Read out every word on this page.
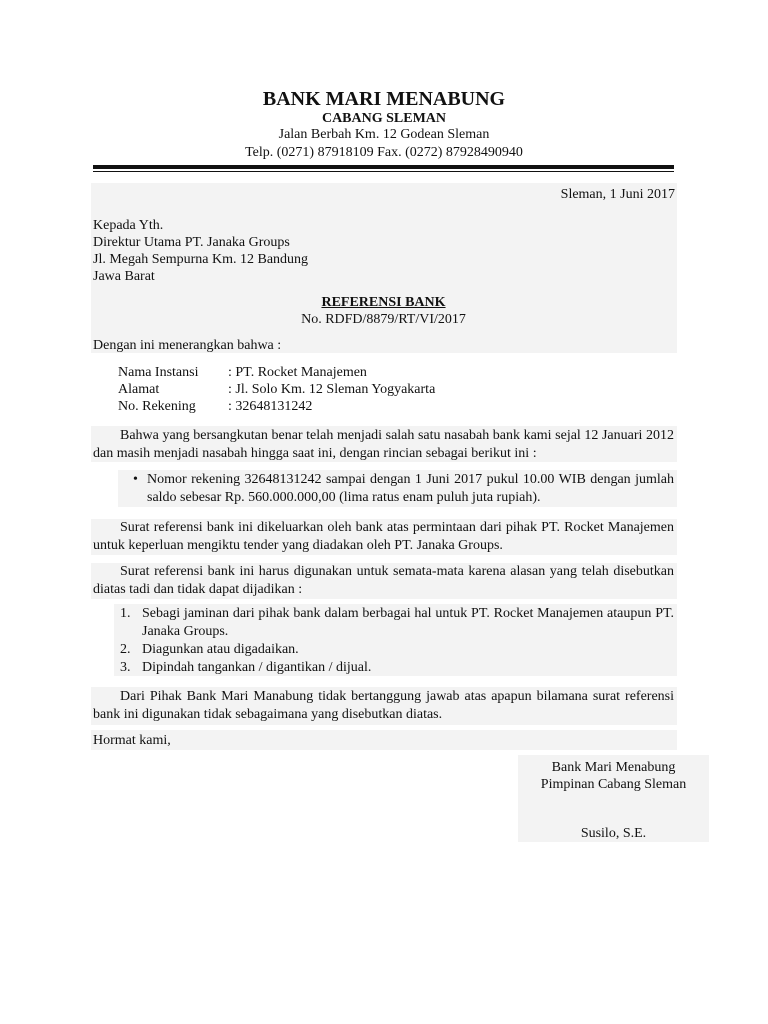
BANK MARI MENABUNG
CABANG SLEMAN
Jalan Berbah Km. 12 Godean Sleman
Telp. (0271) 87918109 Fax. (0272) 87928490940
Sleman, 1 Juni 2017
Kepada Yth.
Direktur Utama PT. Janaka Groups
Jl. Megah Sempurna Km. 12 Bandung
Jawa Barat
REFERENSI BANK
No. RDFD/8879/RT/VI/2017
Dengan ini menerangkan bahwa :
Nama Instansi : PT. Rocket Manajemen
Alamat	: Jl. Solo Km. 12 Sleman Yogyakarta
No. Rekening : 32648131242
Bahwa yang bersangkutan benar telah menjadi salah satu nasabah bank kami sejal 12 Januari 2012 dan masih menjadi nasabah hingga saat ini, dengan rincian sebagai berikut ini :
• Nomor rekening 32648131242 sampai dengan 1 Juni 2017 pukul 10.00 WIB dengan jumlah saldo sebesar Rp. 560.000.000,00 (lima ratus enam puluh juta rupiah).
Surat referensi bank ini dikeluarkan oleh bank atas permintaan dari pihak PT. Rocket Manajemen untuk keperluan mengiktu tender yang diadakan oleh PT. Janaka Groups.
Surat referensi bank ini harus digunakan untuk semata-mata karena alasan yang telah disebutkan diatas tadi dan tidak dapat dijadikan :
1. Sebagi jaminan dari pihak bank dalam berbagai hal untuk PT. Rocket Manajemen ataupun PT. Janaka Groups.
2. Diagunkan atau digadaikan.
3. Dipindah tangankan / digantikan / dijual.
Dari Pihak Bank Mari Manabung tidak bertanggung jawab atas apapun bilamana surat referensi bank ini digunakan tidak sebagaimana yang disebutkan diatas.
Hormat kami,
Bank Mari Menabung
Pimpinan Cabang Sleman
Susilo, S.E.
